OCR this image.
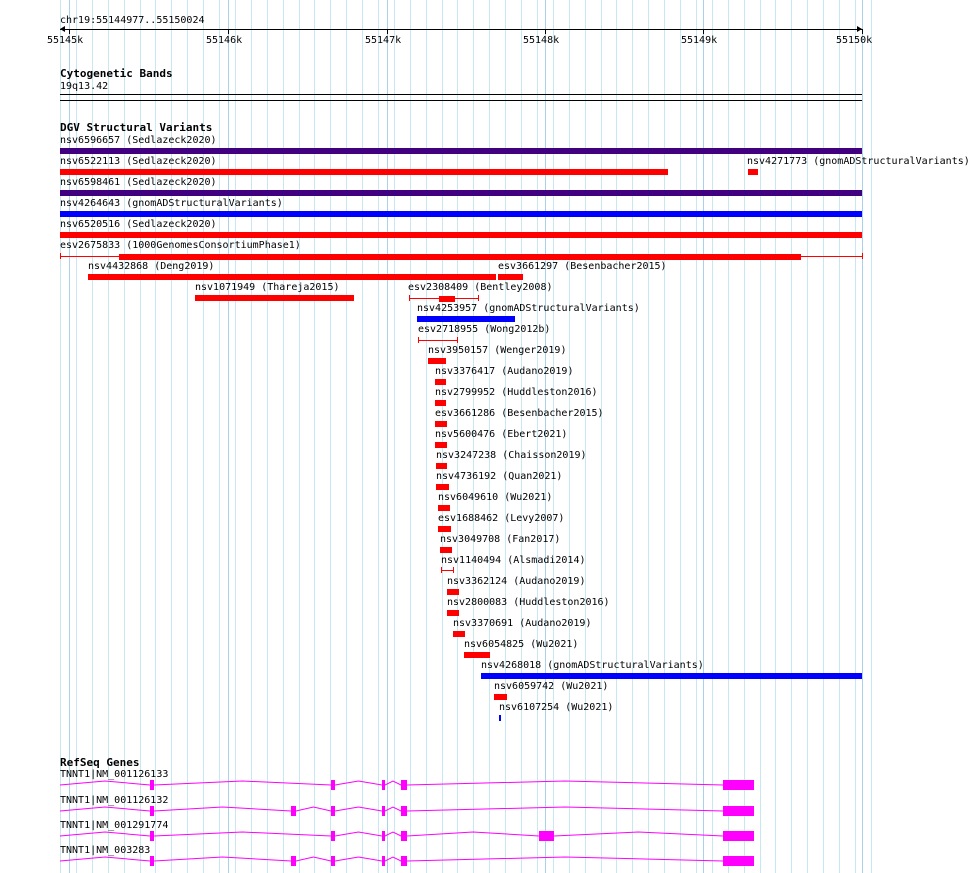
chr19:55144977..55150024
55145k	55146k	55147k	55148k	55149k	55150k
Cytogenetic Bands
19q13.42
DGV Structural Variants
nsv6596657 (Sedlazeck2020)
nsv6522113 (Sedlazeck2020)	nsv4271773 (gnomADStructuralVariants)
nsv6598461 (Sedlazeck2020)
nsv4264643 (gnomADStructuralVariants)
nsv6520516 (Sedlazeck2020)
esv2675833 (1000GenomesConsortiumPhase1)
nsv4432868 (Deng2019)	esv3661297 (Besenbacher2015)
nsv1071949 (Thareja2015)	esv2308409 (Bentley2008)
nsv4253957 (gnomADStructuralVariants)
esv2718955 (Wong2012b)
nsv3950157 (Wenger2019)
nsv3376417 (Audano2019)
nsv2799952 (Huddleston2016)
esv3661286 (Besenbacher2015)
nsv5600476 (Ebert2021)
nsv3247238 (Chaisson2019)
nsv4736192 (Quan2021)
nsv6049610 (Wu2021)
esv1688462 (Levy2007)
nsv3049708 (Fan2017)
nsv1140494 (Alsmadi2014)
nsv3362124 (Audano2019)
nsv2800083 (Huddleston2016)
nsv3370691 (Audano2019)
nsv6054825 (Wu2021)
nsv4268018 (gnomADStructuralVariants)
nsv6059742 (Wu2021)
nsv6107254 (Wu2021)
RefSeq Genes
TNNT1|NM_001126133
TNNT1|NM_001126132
TNNT1|NM_001291774
TNNT1|NM_003283
